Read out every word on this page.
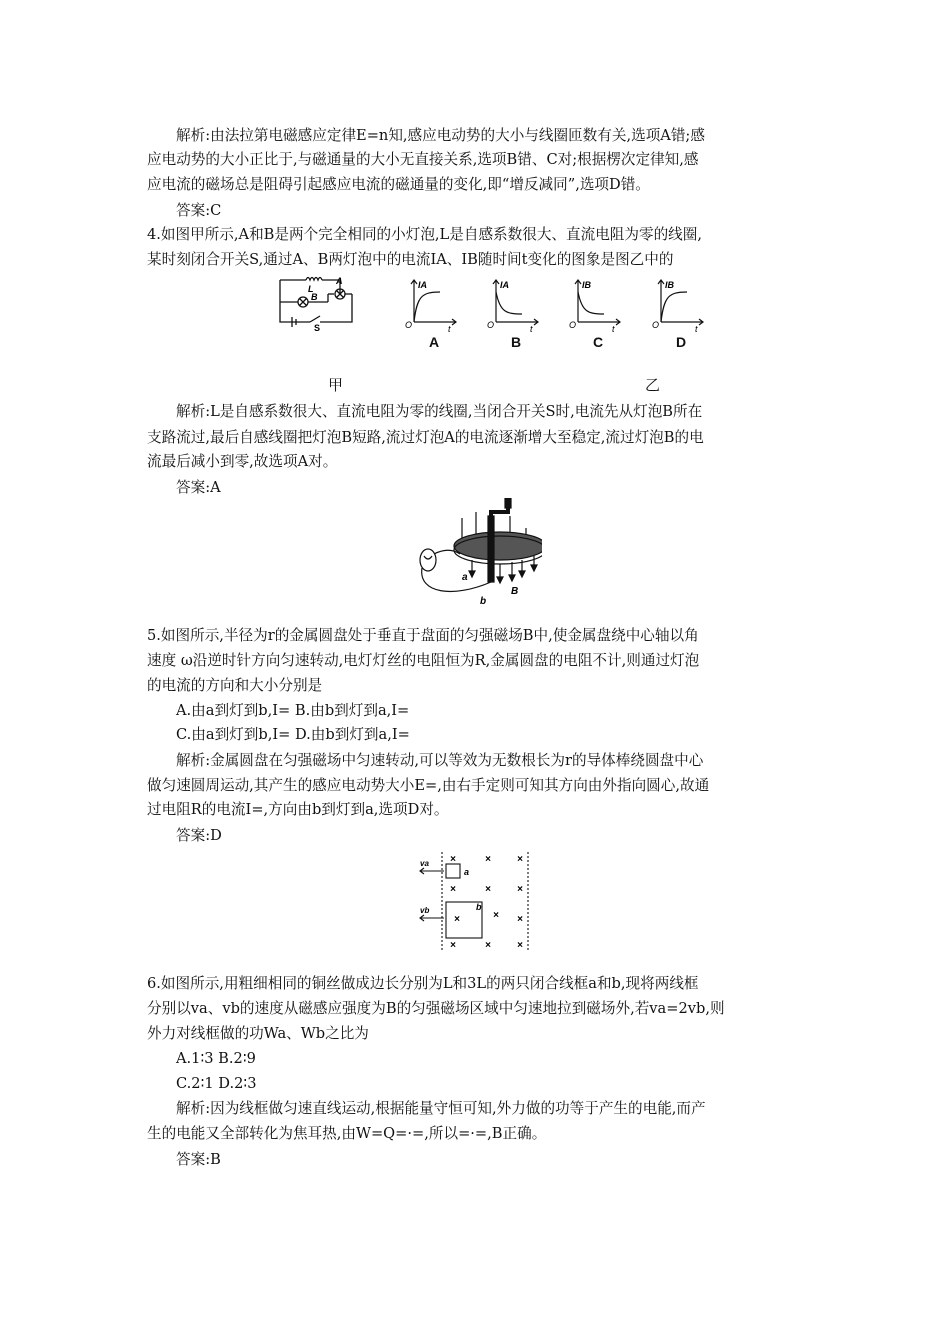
解析:由法拉第电磁感应定律E=n知,感应电动势的大小与线圈匝数有关,选项A错;感
应电动势的大小正比于,与磁通量的大小无直接关系,选项B错、C对;根据楞次定律知,感
应电流的磁场总是阻碍引起感应电流的磁通量的变化,即“增反减同”,选项D错。
答案:C
4.如图甲所示,A和B是两个完全相同的小灯泡,L是自感系数很大、直流电阻为零的线圈,
某时刻闭合开关S,通过A、B两灯泡中的电流IA、IB随时间t变化的图象是图乙中的
L
B
A
S
IA
O	t
IA
O	t
IB
O	t
IB
O	t
A	B	C	D
甲	乙
解析:L是自感系数很大、直流电阻为零的线圈,当闭合开关S时,电流先从灯泡B所在
支路流过,最后自感线圈把灯泡B短路,流过灯泡A的电流逐渐增大至稳定,流过灯泡B的电
流最后减小到零,故选项A对。
答案:A
a
b
B
5.如图所示,半径为r的金属圆盘处于垂直于盘面的匀强磁场B中,使金属盘绕中心轴以角
速度 ω沿逆时针方向匀速转动,电灯灯丝的电阻恒为R,金属圆盘的电阻不计,则通过灯泡
的电流的方向和大小分别是
A.由a到灯到b,I= B.由b到灯到a,I=
C.由a到灯到b,I= D.由b到灯到a,I=
解析:金属圆盘在匀强磁场中匀速转动,可以等效为无数根长为r的导体棒绕圆盘中心
做匀速圆周运动,其产生的感应电动势大小E=,由右手定则可知其方向由外指向圆心,故通
过电阻R的电流I=,方向由b到灯到a,选项D对。
答案:D
×	×	×
×	×	×
×	× ×
×	×	×
va
vb
a
b
6.如图所示,用粗细相同的铜丝做成边长分别为L和3L的两只闭合线框a和b,现将两线框
分别以va、vb的速度从磁感应强度为B的匀强磁场区域中匀速地拉到磁场外,若va=2vb,则
外力对线框做的功Wa、Wb之比为
A.1∶3 B.2∶9
C.2∶1 D.2∶3
解析:因为线框做匀速直线运动,根据能量守恒可知,外力做的功等于产生的电能,而产
生的电能又全部转化为焦耳热,由W=Q=·=,所以=·=,B正确。
答案:B
